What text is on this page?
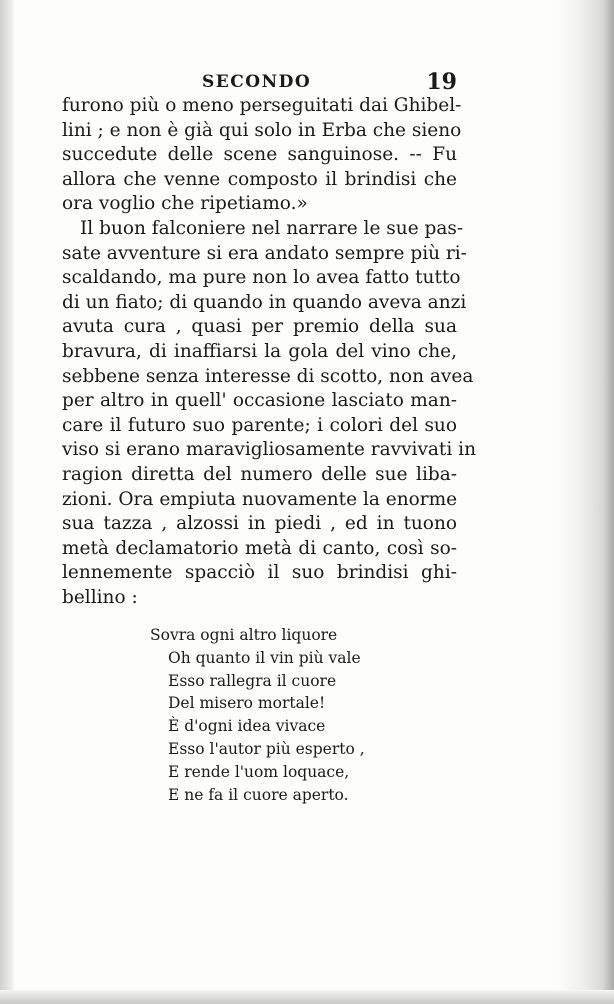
SECONDO	19
furono più o meno perseguitati dai Ghibel-
lini ; e non è già qui solo in Erba che sieno
succedute delle scene sanguinose. -- Fu
allora che venne composto il brindisi che
ora voglio che ripetiamo.»
Il buon falconiere nel narrare le sue pas-
sate avventure si era andato sempre più ri-
scaldando, ma pure non lo avea fatto tutto
di un fiato; di quando in quando aveva anzi
avuta cura , quasi per premio della sua
bravura, di inaffiarsi la gola del vino che,
sebbene senza interesse di scotto, non avea
per altro in quell' occasione lasciato man-
care il futuro suo parente; i colori del suo
viso si erano maravigliosamente ravvivati in
ragion diretta del numero delle sue liba-
zioni. Ora empiuta nuovamente la enorme
sua tazza , alzossi in piedi , ed in tuono
metà declamatorio metà di canto, così so-
lennemente spacciò il suo brindisi ghi-
bellino :
Sovra ogni altro liquore
Oh quanto il vin più vale
Esso rallegra il cuore
Del misero mortale!
È d'ogni idea vivace
Esso l'autor più esperto ,
E rende l'uom loquace,
E ne fa il cuore aperto.
